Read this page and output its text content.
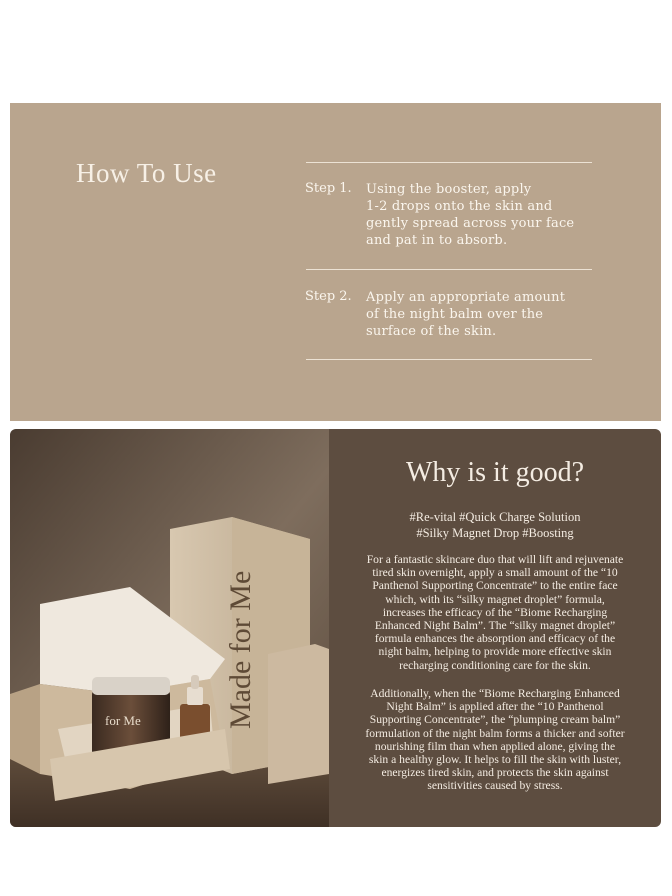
How To Use
Step 1. Using the booster, apply
1-2 drops onto the skin and
gently spread across your face
and pat in to absorb.
Step 2. Apply an appropriate amount
of the night balm over the
surface of the skin.
Made for Me
for Me
Why is it good?
#Re-vital #Quick Charge Solution
#Silky Magnet Drop #Boosting
For a fantastic skincare duo that will lift and rejuvenate
tired skin overnight, apply a small amount of the “10
Panthenol Supporting Concentrate” to the entire face
which, with its “silky magnet droplet” formula,
increases the efficacy of the “Biome Recharging
Enhanced Night Balm”. The “silky magnet droplet”
formula enhances the absorption and efficacy of the
night balm, helping to provide more effective skin
recharging conditioning care for the skin.
Additionally, when the “Biome Recharging Enhanced
Night Balm” is applied after the “10 Panthenol
Supporting Concentrate”, the “plumping cream balm”
formulation of the night balm forms a thicker and softer
nourishing film than when applied alone, giving the
skin a healthy glow. It helps to fill the skin with luster,
energizes tired skin, and protects the skin against
sensitivities caused by stress.
